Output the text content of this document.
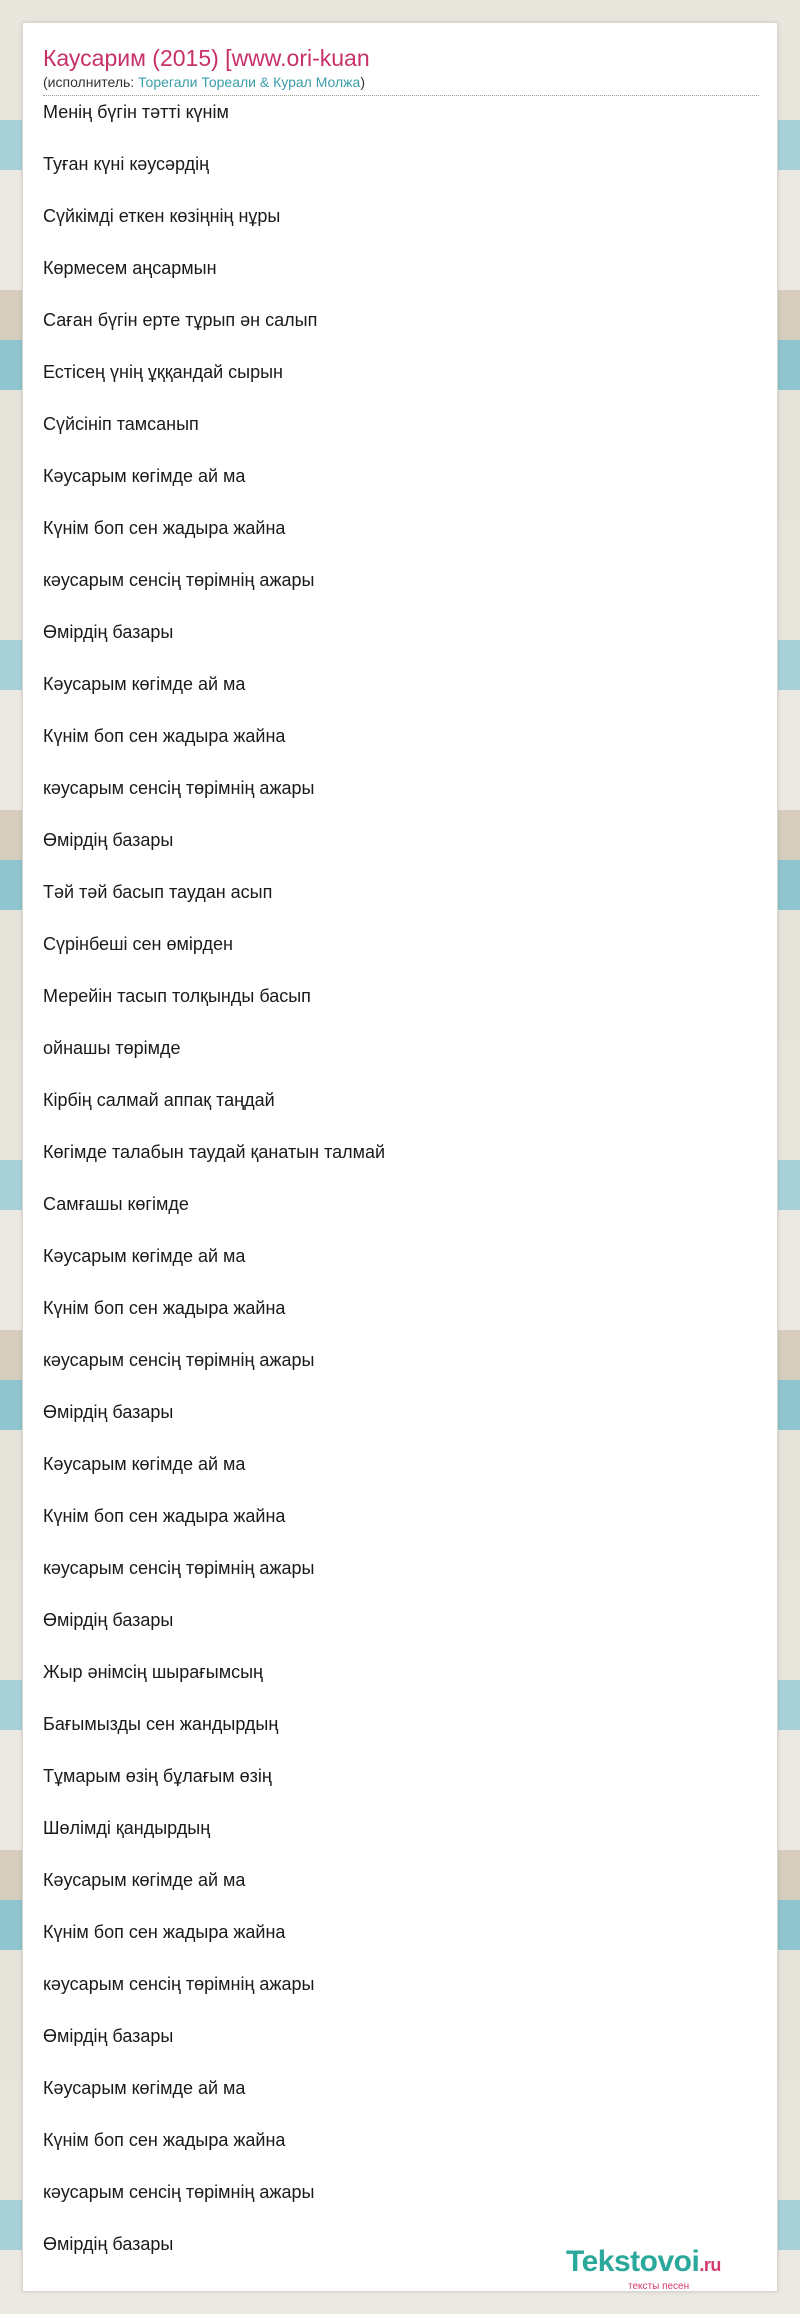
Каусарим (2015) [www.ori-kuan
(исполнитель: Торегали Тореали & Курал Молжа)
Менің бүгін тәтті күнім
Туған күні кәусәрдің
Сүйкімді еткен көзіңнің нұры
Көрмесем аңсармын
Саған бүгін ерте тұрып ән салып
Естісең үнің ұққандай сырын
Сүйсініп тамсанып
Кәусарым көгімде ай ма
Күнім боп сен жадыра жайна
кәусарым сенсің төрімнің ажары
Өмірдің базары
Кәусарым көгімде ай ма
Күнім боп сен жадыра жайна
кәусарым сенсің төрімнің ажары
Өмірдің базары
Тәй тәй басып таудан асып
Сүрінбеші сен өмірден
Мерейін тасып толқынды басып
ойнашы төрімде
Кірбің салмай аппақ таңдай
Көгімде талабын таудай қанатын талмай
Самғашы көгімде
Кәусарым көгімде ай ма
Күнім боп сен жадыра жайна
кәусарым сенсің төрімнің ажары
Өмірдің базары
Кәусарым көгімде ай ма
Күнім боп сен жадыра жайна
кәусарым сенсің төрімнің ажары
Өмірдің базары
Жыр әнімсің шырағымсың
Бағымызды сен жандырдың
Тұмарым өзің бұлағым өзің
Шөлімді қандырдың
Кәусарым көгімде ай ма
Күнім боп сен жадыра жайна
кәусарым сенсің төрімнің ажары
Өмірдің базары
Кәусарым көгімде ай ма
Күнім боп сен жадыра жайна
кәусарым сенсің төрімнің ажары
Өмірдің базары
Tekstovoi.ru
тексты песен
